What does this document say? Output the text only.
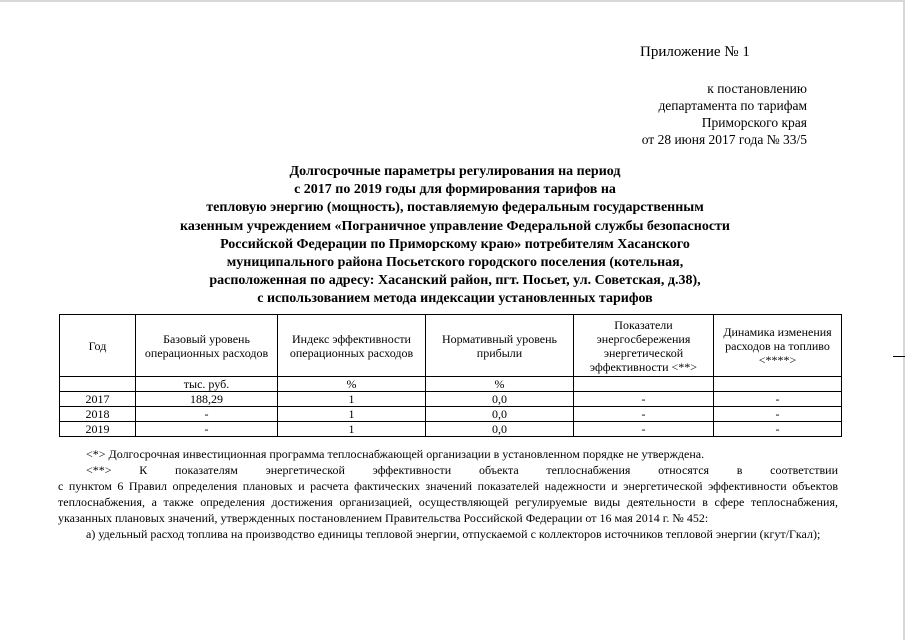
Приложение № 1
к постановлению
департамента по тарифам
Приморского края
от 28 июня 2017 года № 33/5
Долгосрочные параметры регулирования на период
с 2017 по 2019 годы для формирования тарифов на
тепловую энергию (мощность), поставляемую федеральным государственным
казенным учреждением «Пограничное управление Федеральной службы безопасности
Российской Федерации по Приморскому краю» потребителям Хасанского
муниципального района Посьетского городского поселения (котельная,
расположенная по адресу: Хасанский район, пгт. Посьет, ул. Советская, д.38),
с использованием метода индексации установленных тарифов
Год	Базовый уровень операционных расходов	Индекс эффективности операционных расходов	Нормативный уровень прибыли	Показатели энергосбережения энергетической эффективности <**>	Динамика изменения расходов на топливо <****>
	тыс. руб.	%	%		
2017	188,29	1	0,0	-	-
2018	-	1	0,0	-	-
2019	-	1	0,0	-	-

<*> Долгосрочная инвестиционная программа теплоснабжающей организации в установленном порядке не утверждена.

<**> К показателям энергетической эффективности объекта теплоснабжения относятся в соответствии

с пунктом 6 Правил определения плановых и расчета фактических значений показателей надежности и энергетической эффективности объектов теплоснабжения, а также определения достижения организацией, осуществляющей регулируемые виды деятельности в сфере теплоснабжения, указанных плановых значений, утвержденных постановлением Правительства Российской Федерации от 16 мая 2014 г. № 452:

а) удельный расход топлива на производство единицы тепловой энергии, отпускаемой с коллекторов источников тепловой энергии (кгут/Гкал);
